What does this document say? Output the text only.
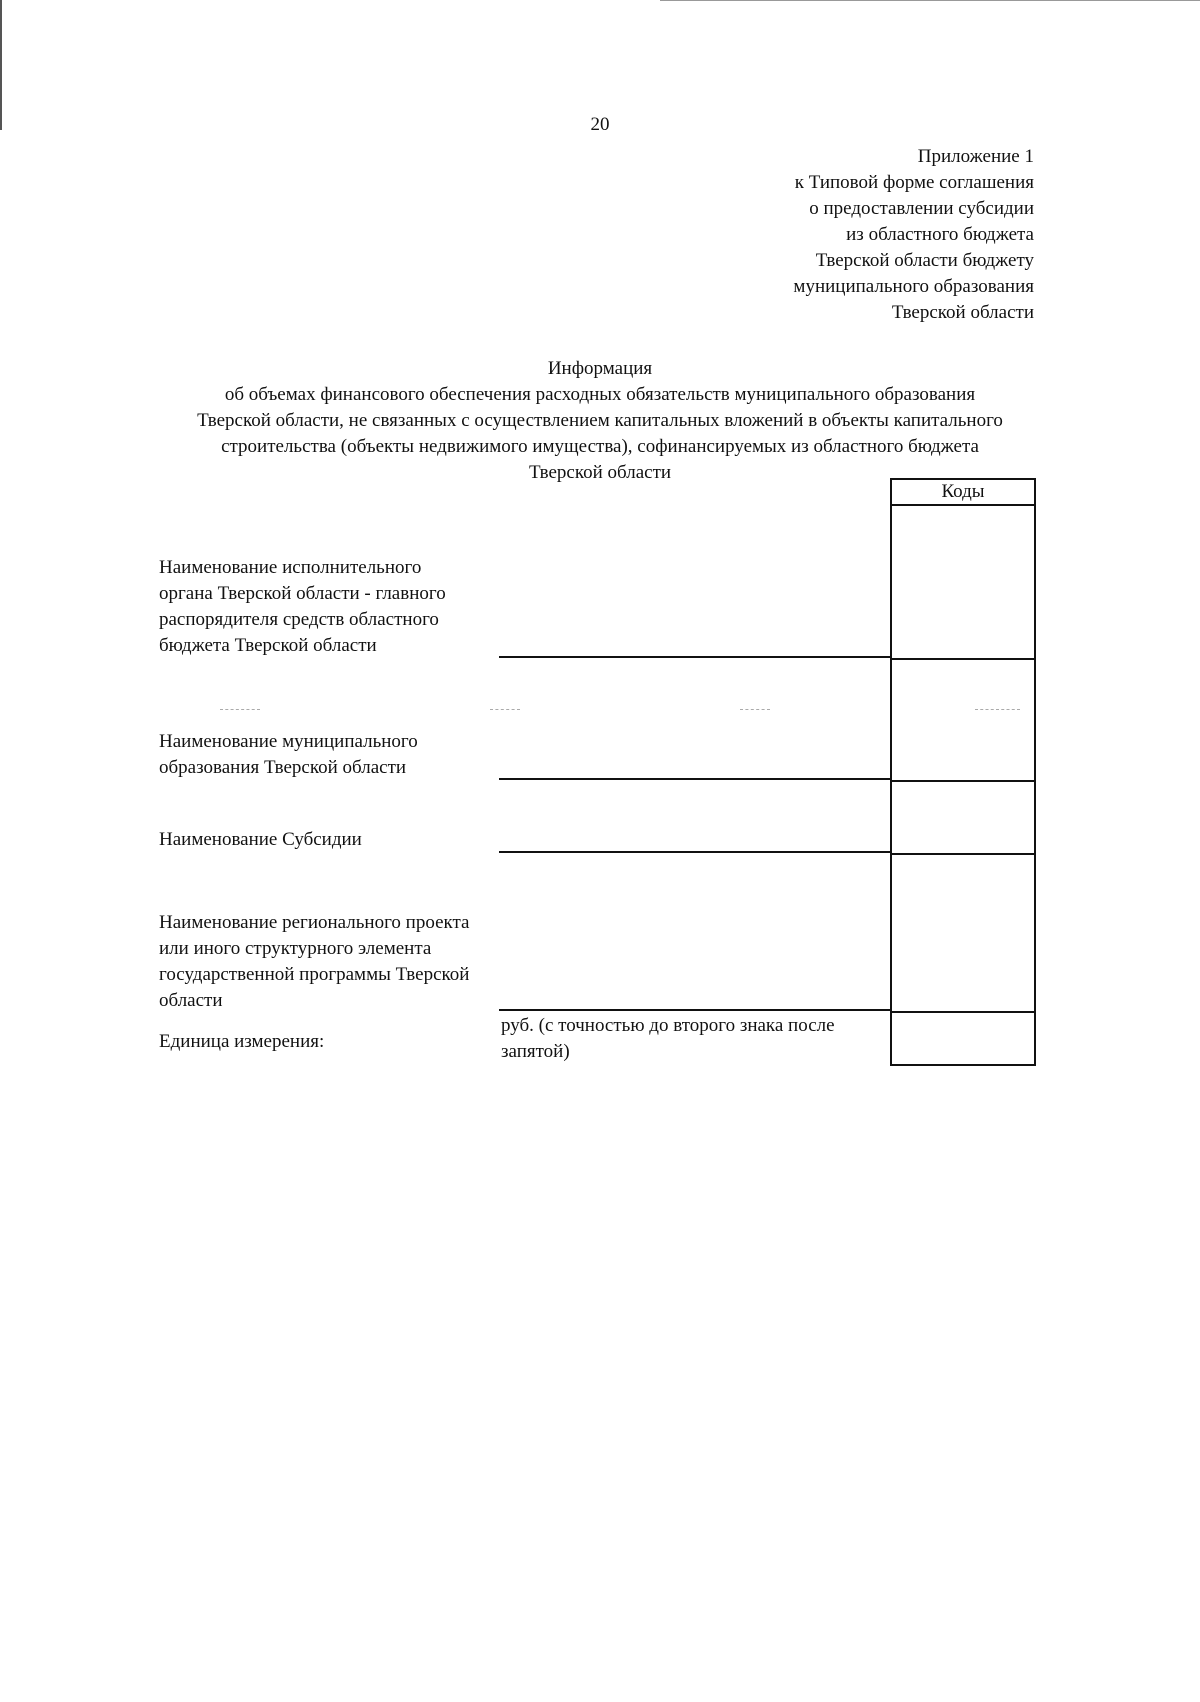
20
Приложение 1
к Типовой форме соглашения
о предоставлении субсидии
из областного бюджета
Тверской области бюджету
муниципального образования
Тверской области
Информация
об объемах финансового обеспечения расходных обязательств муниципального образования
Тверской области, не связанных с осуществлением капитальных вложений в объекты капитального
строительства (объекты недвижимого имущества), софинансируемых из областного бюджета
Тверской области
Коды
Наименование исполнительного
органа Тверской области - главного
распорядителя средств областного
бюджета Тверской области
Наименование муниципального
образования Тверской области
Наименование Субсидии
Наименование регионального проекта
или иного структурного элемента
государственной программы Тверской
области
Единица измерения:
руб. (с точностью до второго знака после
запятой)
